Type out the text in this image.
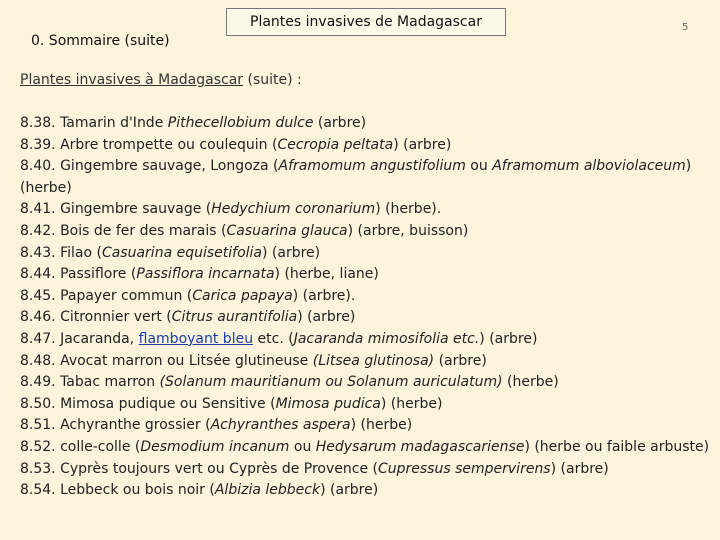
0. Sommaire (suite)
Plantes invasives de Madagascar	5
Plantes invasives à Madagascar (suite) :
8.38. Tamarin d'Inde Pithecellobium dulce (arbre)
8.39. Arbre trompette ou coulequin (Cecropia peltata) (arbre)
8.40. Gingembre sauvage, Longoza (Aframomum angustifolium ou Aframomum alboviolaceum) (herbe)
8.41. Gingembre sauvage (Hedychium coronarium) (herbe).
8.42. Bois de fer des marais (Casuarina glauca) (arbre, buisson)
8.43. Filao (Casuarina equisetifolia) (arbre)
8.44. Passiflore (Passiflora incarnata) (herbe, liane)
8.45. Papayer commun (Carica papaya) (arbre).
8.46. Citronnier vert (Citrus aurantifolia) (arbre)
8.47. Jacaranda, flamboyant bleu etc. (Jacaranda mimosifolia etc.) (arbre)
8.48. Avocat marron ou Litsée glutineuse (Litsea glutinosa) (arbre)
8.49. Tabac marron (Solanum mauritianum ou Solanum auriculatum) (herbe)
8.50. Mimosa pudique ou Sensitive (Mimosa pudica) (herbe)
8.51. Achyranthe grossier (Achyranthes aspera) (herbe)
8.52. colle-colle (Desmodium incanum ou Hedysarum madagascariense) (herbe ou faible arbuste)
8.53. Cyprès toujours vert ou Cyprès de Provence (Cupressus sempervirens) (arbre)
8.54. Lebbeck ou bois noir (Albizia lebbeck) (arbre)
